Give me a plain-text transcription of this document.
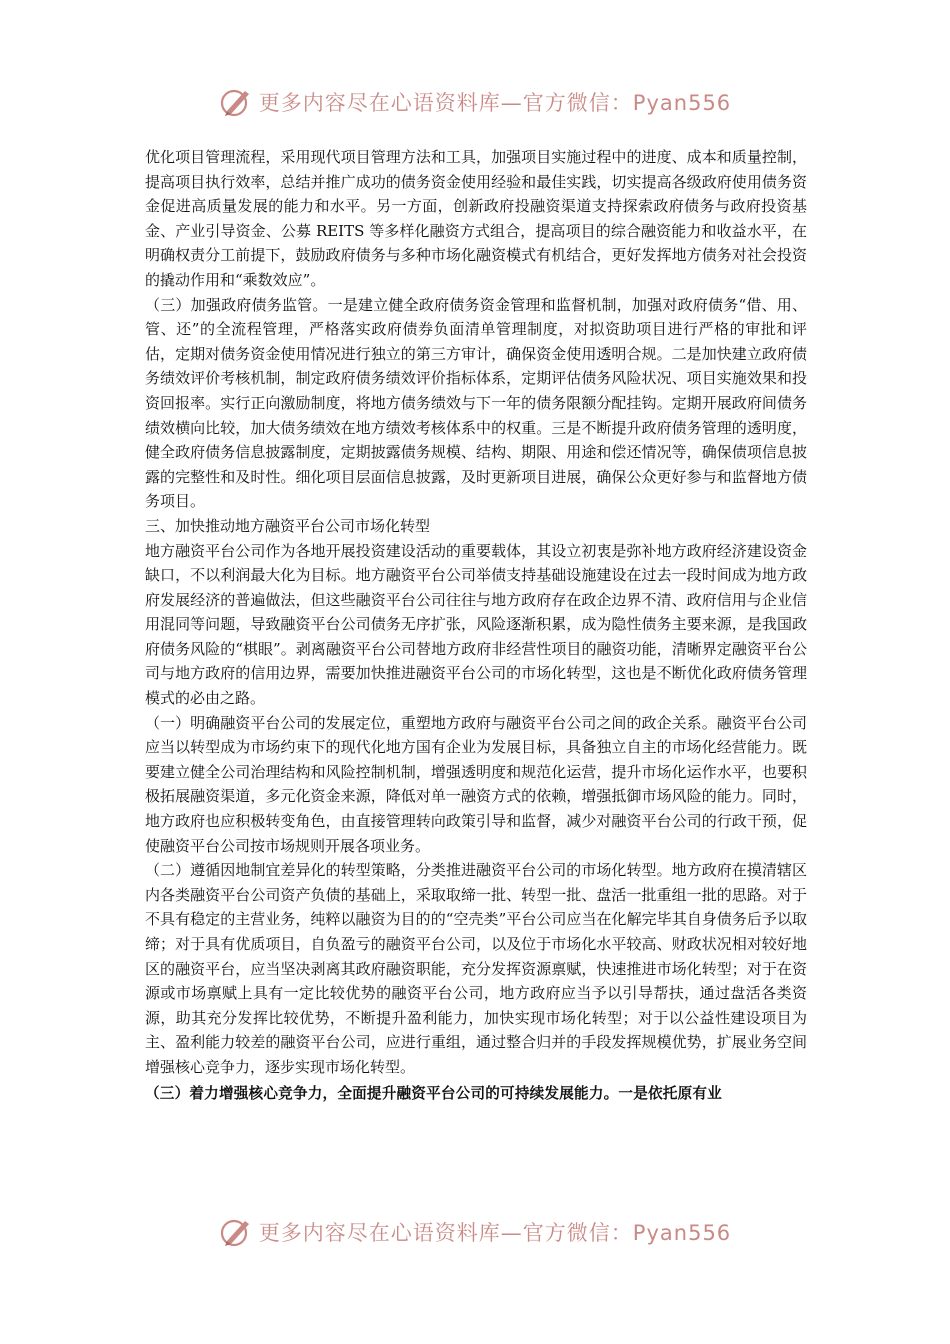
更多内容尽在心语资料库—官方微信：Pyan556

优化项目管理流程，采用现代项目管理方法和工具，加强项目实施过程中的进度、成本和质量控制，提高项目执行效率，总结并推广成功的债务资金使用经验和最佳实践，切实提高各级政府使用债务资金促进高质量发展的能力和水平。另一方面，创新政府投融资渠道支持探索政府债务与政府投资基金、产业引导资金、公募 REITS 等多样化融资方式组合，提高项目的综合融资能力和收益水平，在明确权责分工前提下，鼓励政府债务与多种市场化融资模式有机结合，更好发挥地方债务对社会投资的撬动作用和“乘数效应”。

（三）加强政府债务监管。一是建立健全政府债务资金管理和监督机制，加强对政府债务“借、用、管、还”的全流程管理，严格落实政府债券负面清单管理制度，对拟资助项目进行严格的审批和评估，定期对债务资金使用情况进行独立的第三方审计，确保资金使用透明合规。二是加快建立政府债务绩效评价考核机制，制定政府债务绩效评价指标体系，定期评估债务风险状况、项目实施效果和投资回报率。实行正向激励制度，将地方债务绩效与下一年的债务限额分配挂钩。定期开展政府间债务绩效横向比较，加大债务绩效在地方绩效考核体系中的权重。三是不断提升政府债务管理的透明度，健全政府债务信息披露制度，定期披露债务规模、结构、期限、用途和偿还情况等，确保债项信息披露的完整性和及时性。细化项目层面信息披露，及时更新项目进展，确保公众更好参与和监督地方债务项目。

三、加快推动地方融资平台公司市场化转型

地方融资平台公司作为各地开展投资建设活动的重要载体，其设立初衷是弥补地方政府经济建设资金缺口，不以利润最大化为目标。地方融资平台公司举债支持基础设施建设在过去一段时间成为地方政府发展经济的普遍做法，但这些融资平台公司往往与地方政府存在政企边界不清、政府信用与企业信用混同等问题，导致融资平台公司债务无序扩张，风险逐渐积累，成为隐性债务主要来源，是我国政府债务风险的“棋眼”。剥离融资平台公司替地方政府非经营性项目的融资功能，清晰界定融资平台公司与地方政府的信用边界，需要加快推进融资平台公司的市场化转型，这也是不断优化政府债务管理模式的必由之路。

（一）明确融资平台公司的发展定位，重塑地方政府与融资平台公司之间的政企关系。融资平台公司应当以转型成为市场约束下的现代化地方国有企业为发展目标，具备独立自主的市场化经营能力。既要建立健全公司治理结构和风险控制机制，增强透明度和规范化运营，提升市场化运作水平，也要积极拓展融资渠道，多元化资金来源，降低对单一融资方式的依赖，增强抵御市场风险的能力。同时，地方政府也应积极转变角色，由直接管理转向政策引导和监督，减少对融资平台公司的行政干预，促使融资平台公司按市场规则开展各项业务。

（二）遵循因地制宜差异化的转型策略，分类推进融资平台公司的市场化转型。地方政府在摸清辖区内各类融资平台公司资产负债的基础上，采取取缔一批、转型一批、盘活一批重组一批的思路。对于不具有稳定的主营业务，纯粹以融资为目的的“空壳类”平台公司应当在化解完毕其自身债务后予以取缔；对于具有优质项目，自负盈亏的融资平台公司，以及位于市场化水平较高、财政状况相对较好地区的融资平台，应当坚决剥离其政府融资职能，充分发挥资源禀赋，快速推进市场化转型；对于在资源或市场禀赋上具有一定比较优势的融资平台公司，地方政府应当予以引导帮扶，通过盘活各类资源，助其充分发挥比较优势，不断提升盈利能力，加快实现市场化转型；对于以公益性建设项目为主、盈利能力较差的融资平台公司，应进行重组，通过整合归并的手段发挥规模优势，扩展业务空间增强核心竞争力，逐步实现市场化转型。

（三）着力增强核心竞争力，全面提升融资平台公司的可持续发展能力。一是依托原有业

更多内容尽在心语资料库—官方微信：Pyan556
